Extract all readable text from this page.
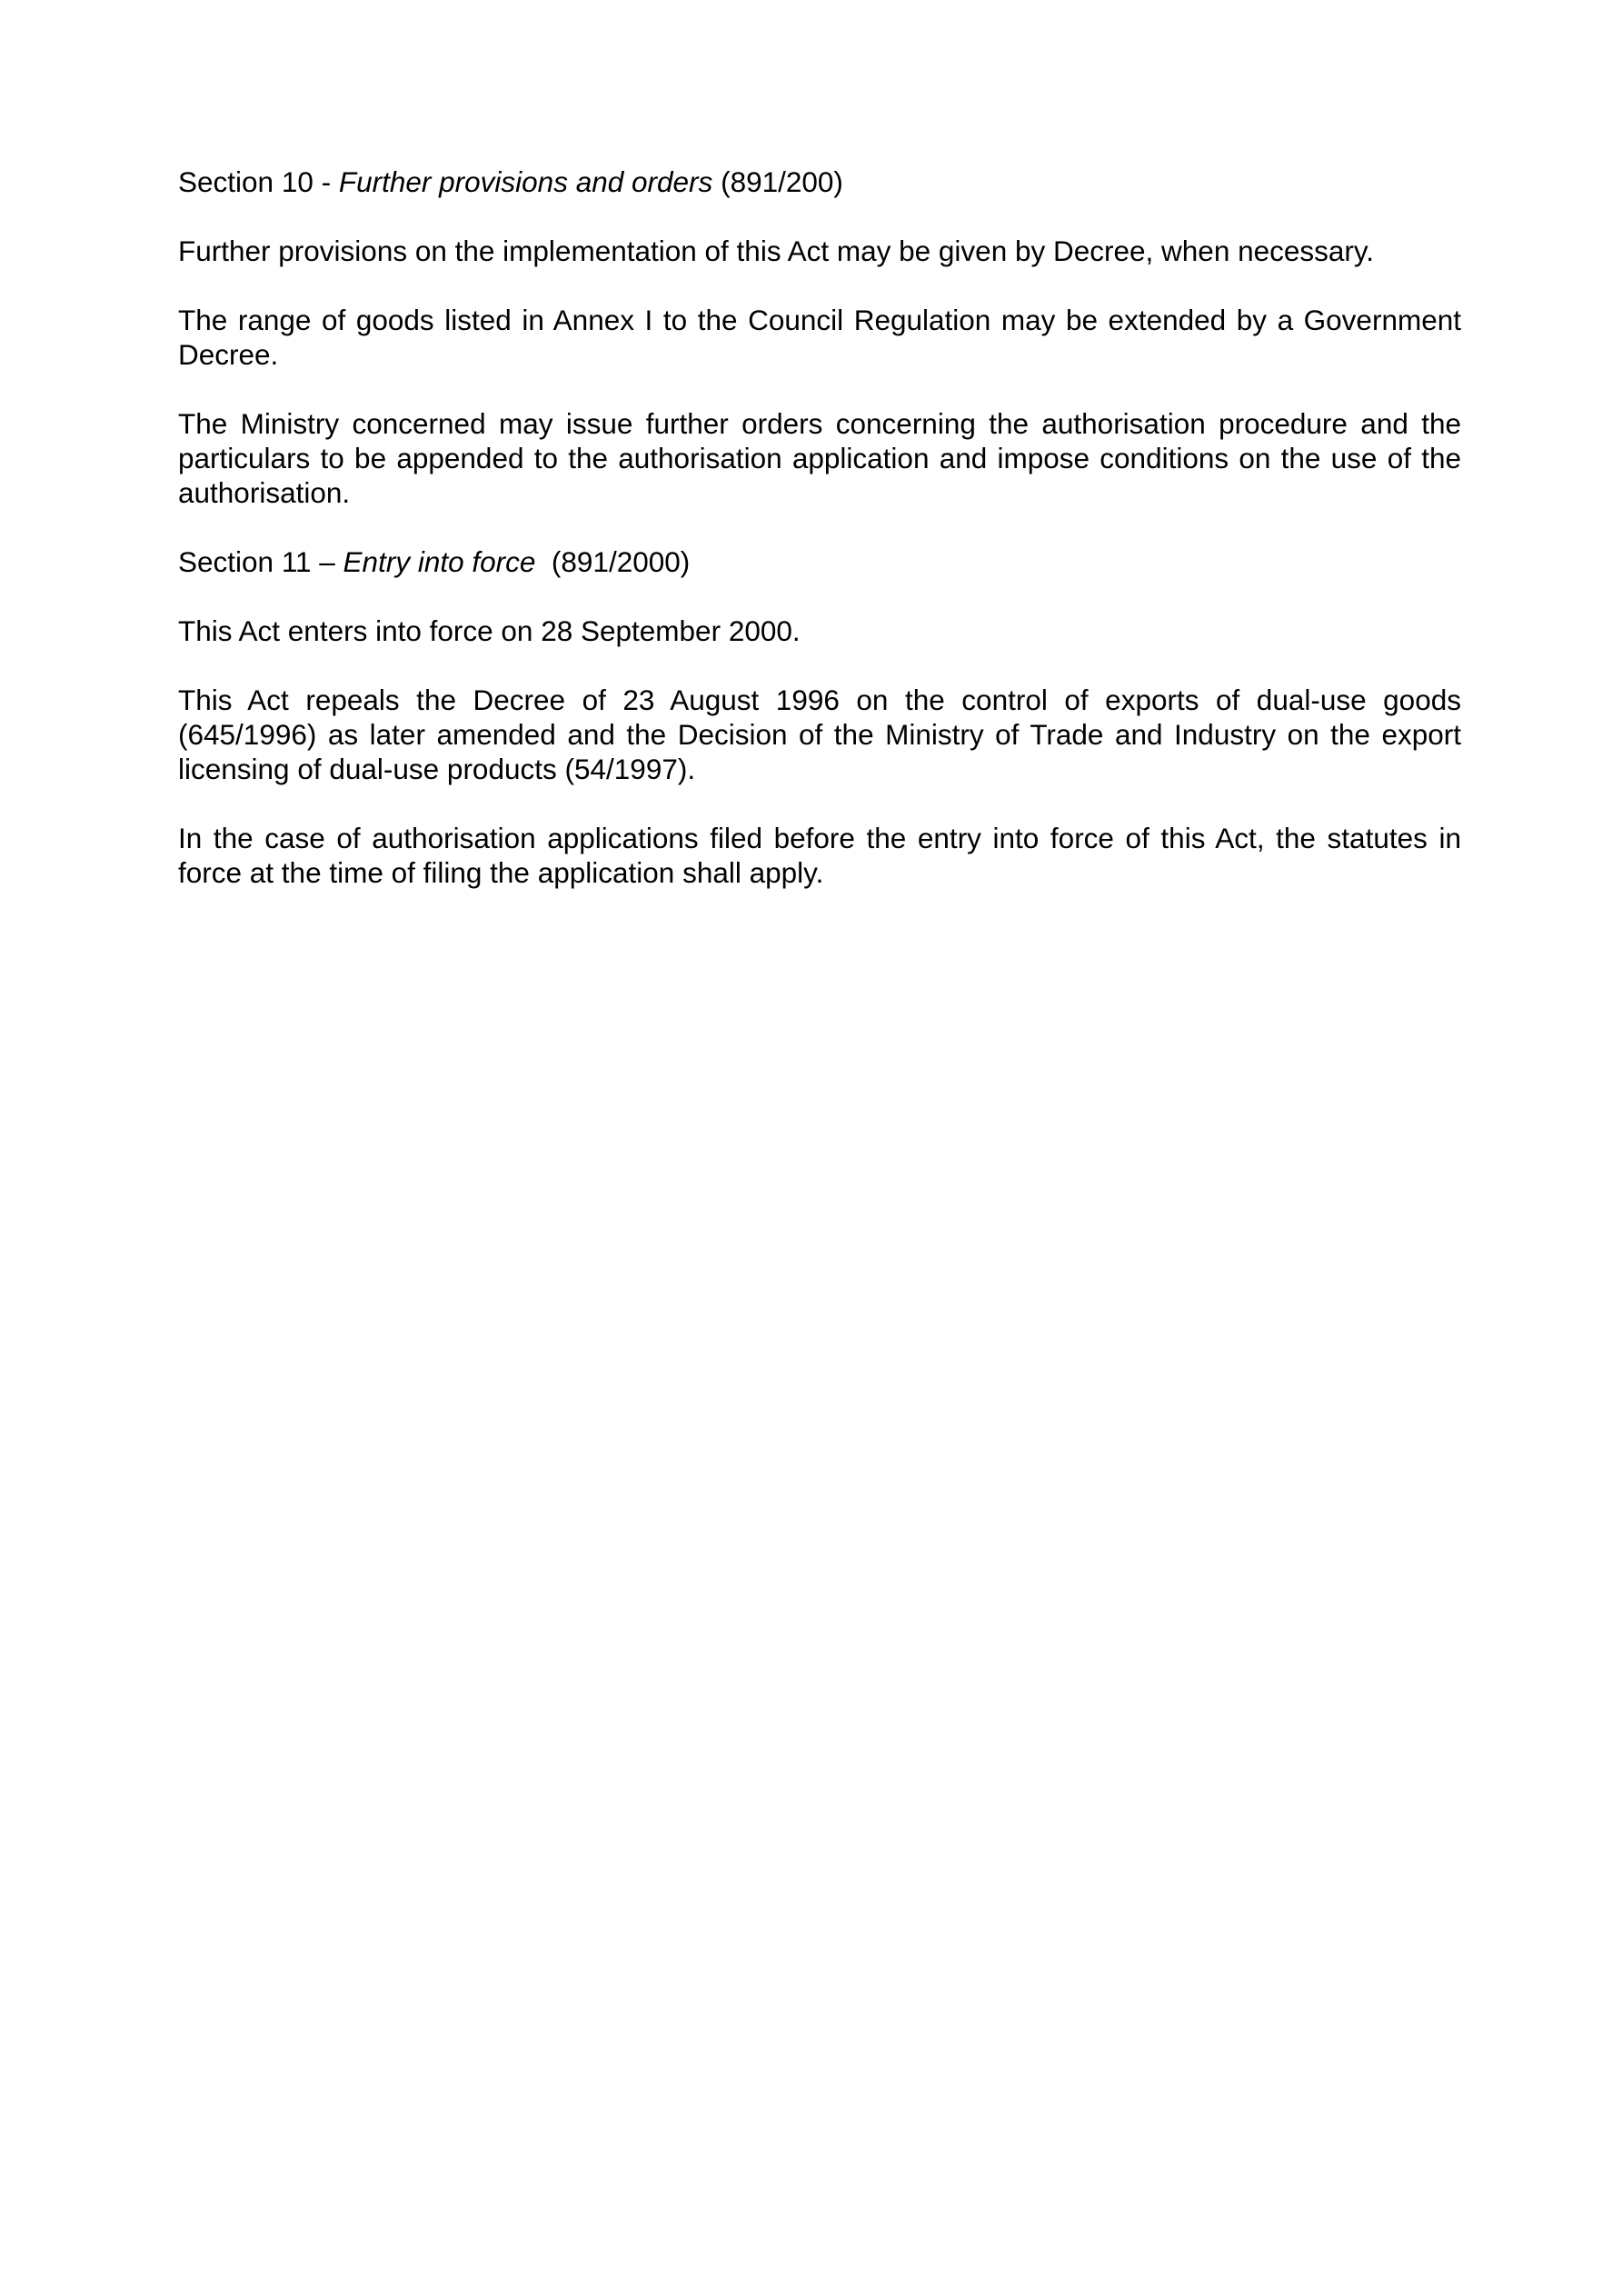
Section 10 - Further provisions and orders (891/200)

Further provisions on the implementation of this Act may be given by Decree, when necessary.

The range of goods listed in Annex I to the Council Regulation may be extended by a Government Decree.

The Ministry concerned may issue further orders concerning the authorisation procedure and the particulars to be appended to the authorisation application and impose conditions on the use of the authorisation.

Section 11 – Entry into force (891/2000)

This Act enters into force on 28 September 2000.

This Act repeals the Decree of 23 August 1996 on the control of exports of dual-use goods (645/1996) as later amended and the Decision of the Ministry of Trade and Industry on the export licensing of dual-use products (54/1997).

In the case of authorisation applications filed before the entry into force of this Act, the statutes in force at the time of filing the application shall apply.
